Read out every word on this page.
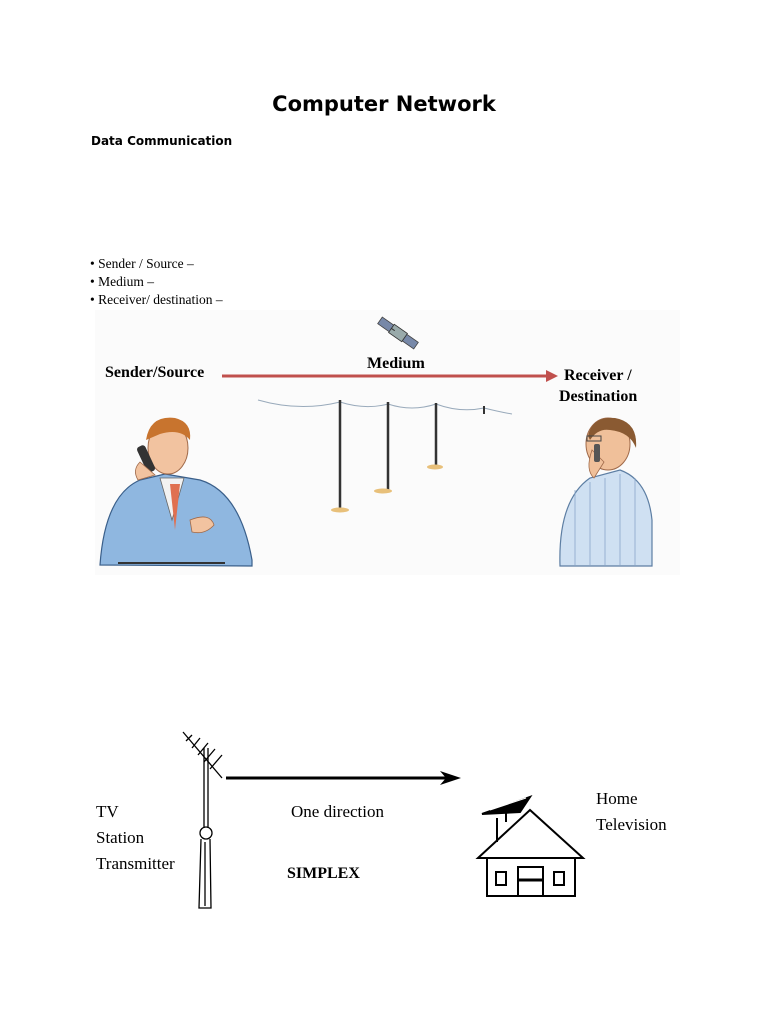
Computer Network
Data Communication
• Sender / Source –
• Medium –
• Receiver/ destination –
Sender/Source
Medium
Receiver /
Destination
TV
Station
Transmitter
One direction
SIMPLEX
Home
Television
